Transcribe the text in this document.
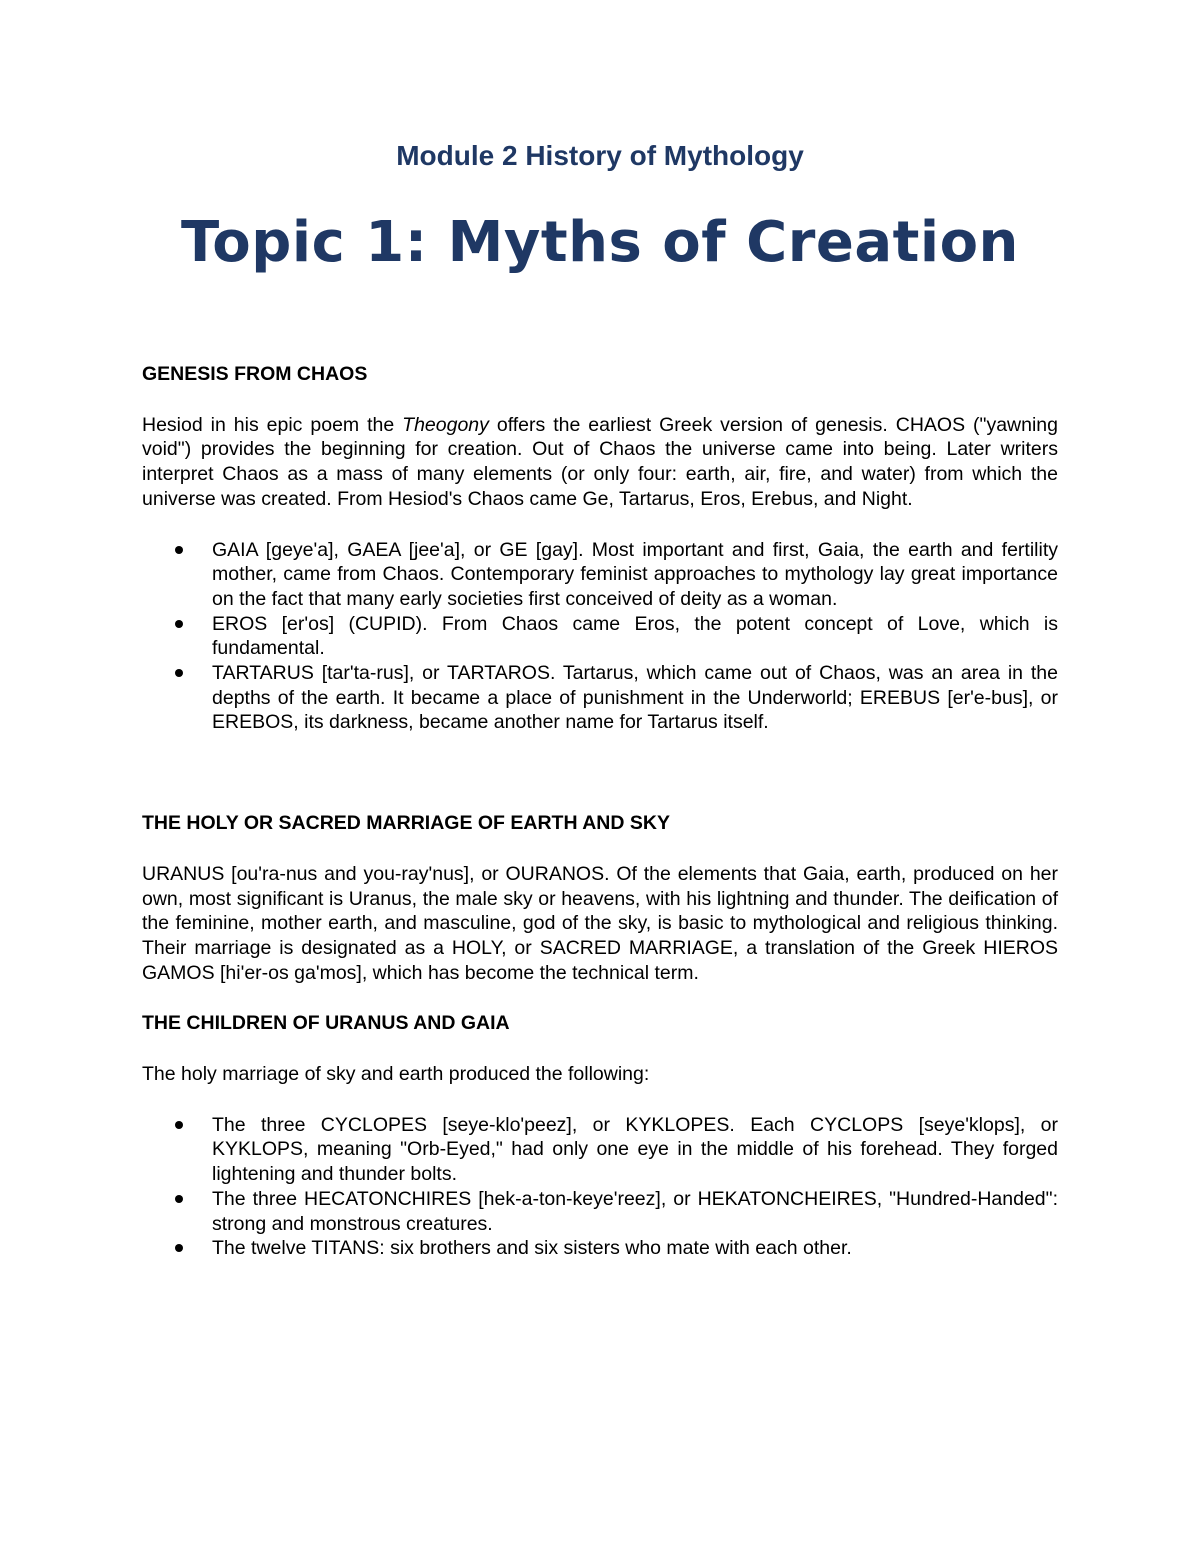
Module 2 History of Mythology
Topic 1: Myths of Creation

GENESIS FROM CHAOS

Hesiod in his epic poem the Theogony offers the earliest Greek version of genesis. CHAOS ("yawning void") provides the beginning for creation. Out of Chaos the universe came into being. Later writers interpret Chaos as a mass of many elements (or only four: earth, air, fire, and water) from which the universe was created. From Hesiod's Chaos came Ge, Tartarus, Eros, Erebus, and Night.

GAIA [geye'a], GAEA [jee'a], or GE [gay]. Most important and first, Gaia, the earth and fertility mother, came from Chaos. Contemporary feminist approaches to mythology lay great importance on the fact that many early societies first conceived of deity as a woman.
EROS [er'os] (CUPID). From Chaos came Eros, the potent concept of Love, which is fundamental.
TARTARUS [tar'ta-rus], or TARTAROS. Tartarus, which came out of Chaos, was an area in the depths of the earth. It became a place of punishment in the Underworld; EREBUS [er'e-bus], or EREBOS, its darkness, became another name for Tartarus itself.

THE HOLY OR SACRED MARRIAGE OF EARTH AND SKY

URANUS [ou'ra-nus and you-ray'nus], or OURANOS. Of the elements that Gaia, earth, produced on her own, most significant is Uranus, the male sky or heavens, with his lightning and thunder. The deification of the feminine, mother earth, and masculine, god of the sky, is basic to mythological and religious thinking. Their marriage is designated as a HOLY, or SACRED MARRIAGE, a translation of the Greek HIEROS GAMOS [hi'er-os ga'mos], which has become the technical term.

THE CHILDREN OF URANUS AND GAIA

The holy marriage of sky and earth produced the following:

The three CYCLOPES [seye-klo'peez], or KYKLOPES. Each CYCLOPS [seye'klops], or KYKLOPS, meaning "Orb-Eyed," had only one eye in the middle of his forehead. They forged lightening and thunder bolts.
The three HECATONCHIRES [hek-a-ton-keye'reez], or HEKATONCHEIRES, "Hundred-Handed": strong and monstrous creatures.
The twelve TITANS: six brothers and six sisters who mate with each other.
